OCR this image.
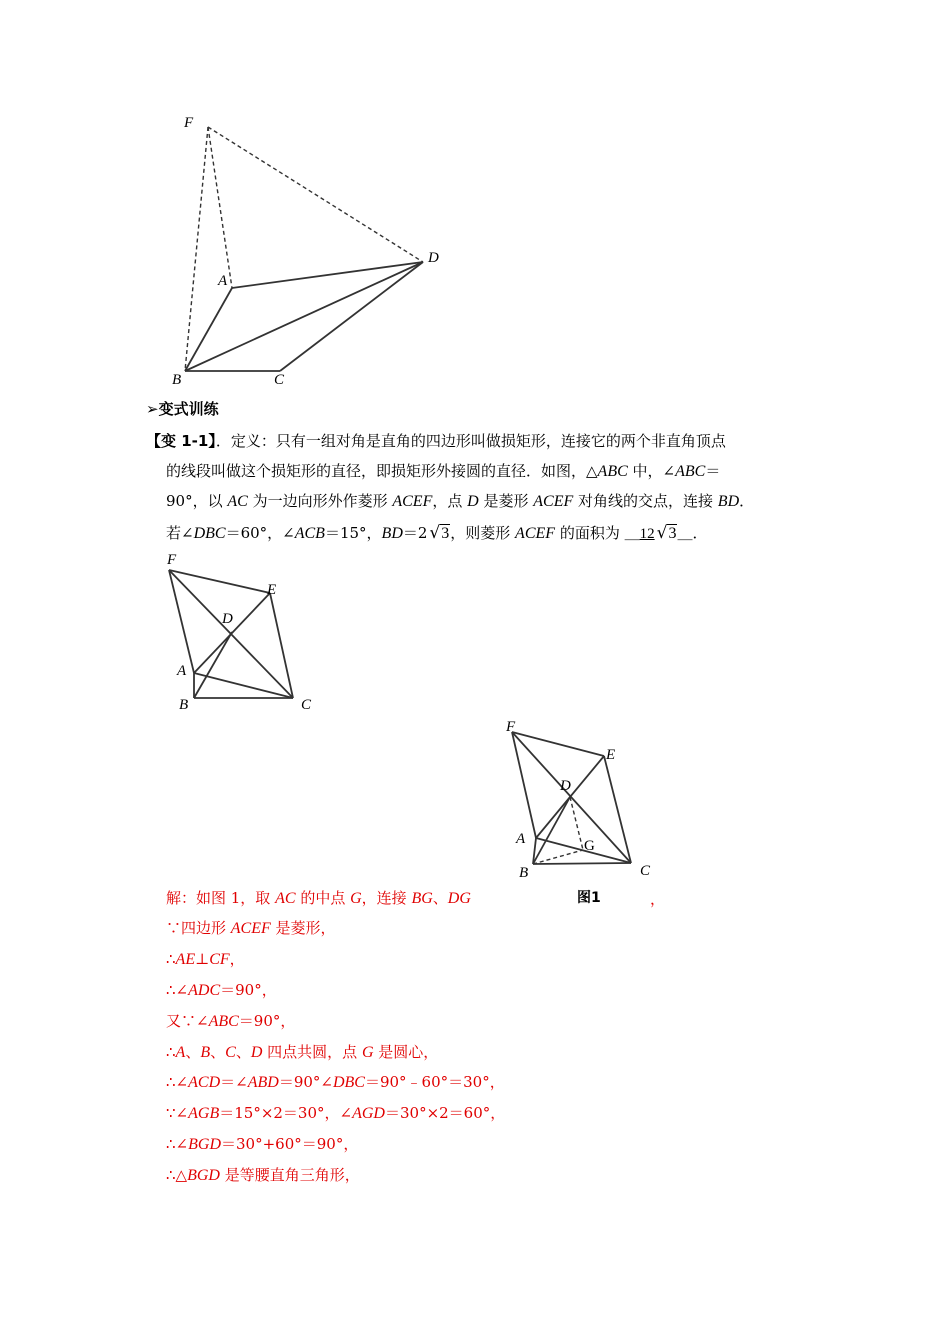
F
A
D
B	C
➢变式训练
【变 1-1】．定义：只有一组对角是直角的四边形叫做损矩形，连接它的两个非直角顶点
的线段叫做这个损矩形的直径，即损矩形外接圆的直径．如图，△ABC 中，∠ABC＝
90°，以 AC 为一边向形外作菱形 ACEF，点 D 是菱形 ACEF 对角线的交点，连接 BD．
若∠DBC＝60°，∠ACB＝15°，BD＝2 √3，则菱形 ACEF 的面积为 ＿12 √3＿．
F
E
D
A
B	C
F
E
D
A	G
B	C
图1
解：如图 1，取 AC 的中点 G，连接 BG、DG	，
∵四边形 ACEF 是菱形，
∴AE⊥CF，
∴∠ADC＝90°，
又∵∠ABC＝90°，
∴A、B、C、D 四点共圆，点 G 是圆心，
∴∠ACD＝∠ABD＝90°∠DBC＝90°﹣60°＝30°，
∵∠AGB＝15°×2＝30°，∠AGD＝30°×2＝60°，
∴∠BGD＝30°+60°＝90°，
∴△BGD 是等腰直角三角形，
